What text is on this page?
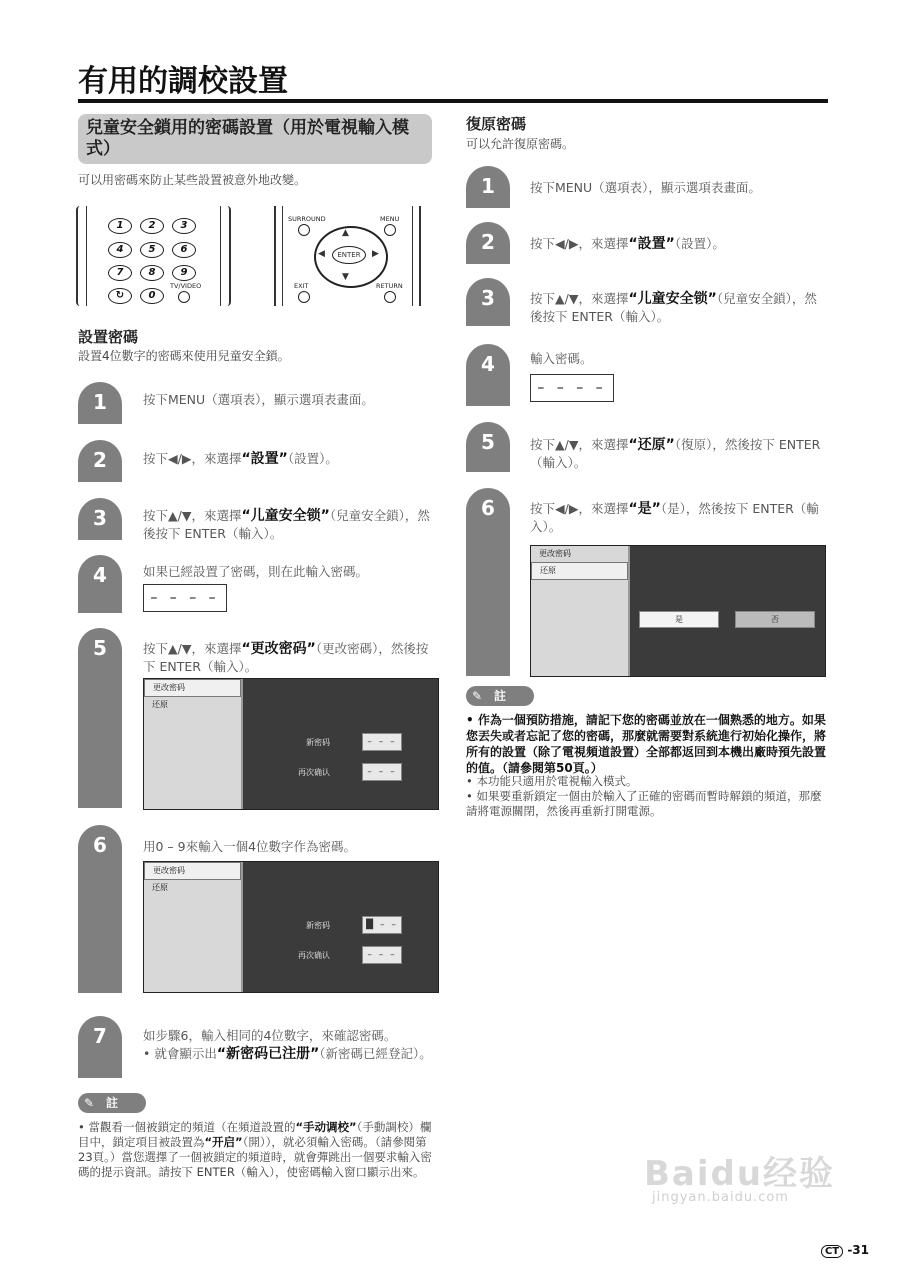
有用的調校設置
兒童安全鎖用的密碼設置（用於電視輸入模式）
可以用密碼來防止某些設置被意外地改變。
1	2	3
4	5	6
7	8	9
↻	0
TV/VIDEO
SURROUND	MENU
▲
▼
◀	▶
ENTER
EXIT	RETURN
設置密碼
設置4位數字的密碼來使用兒童安全鎖。
1	按下MENU（選項表），顯示選項表畫面。
2	按下◀/▶，來選擇“設置”（設置）。
3	按下▲/▼，來選擇“儿童安全锁”（兒童安全鎖），然後按下 ENTER（輸入）。
4	如果已經設置了密碼，則在此輸入密碼。
– – – –
5	按下▲/▼，來選擇“更改密码”（更改密碼），然後按下 ENTER（輸入）。
更改密码
还原
新密码	– – – –
再次确认	– – – –
6	用0 – 9來輸入一個4位數字作為密碼。
更改密码
还原
新密码	█ – – –
再次确认	– – – –
7	如步驟6，輸入相同的4位數字，來確認密碼。
• 就會顯示出“新密码已注册”（新密碼已經登記）。
註
✎
• 當觀看一個被鎖定的頻道（在頻道設置的“手动调校”（手動調校）欄目中，鎖定項目被設置為“开启”（開）），就必須輸入密碼。（請參閱第23頁。）當您選擇了一個被鎖定的頻道時，就會彈跳出一個要求輸入密碼的提示資訊。請按下 ENTER（輸入），使密碼輸入窗口顯示出來。
復原密碼
可以允許復原密碼。
1	按下MENU（選項表），顯示選項表畫面。
2	按下◀/▶，來選擇“設置”（設置）。
3	按下▲/▼，來選擇“儿童安全锁”（兒童安全鎖），然後按下 ENTER（輸入）。
4	輸入密碼。
– – – –
5	按下▲/▼，來選擇“还原”（復原），然後按下 ENTER（輸入）。
6	按下◀/▶，來選擇“是”（是），然後按下 ENTER（輸入）。
更改密码
还原
是	否
註
✎
• 作為一個預防措施，請記下您的密碼並放在一個熟悉的地方。如果您丟失或者忘記了您的密碼，那麼就需要對系統進行初始化操作，將所有的設置（除了電視頻道設置）全部都返回到本機出廠時預先設置的值。（請參閱第50頁。）
• 本功能只適用於電視輸入模式。
• 如果要重新鎖定一個由於輸入了正確的密碼而暫時解鎖的頻道，那麼請將電源關閉，然後再重新打開電源。
Baidu经验
jingyan.baidu.com
CT -31
